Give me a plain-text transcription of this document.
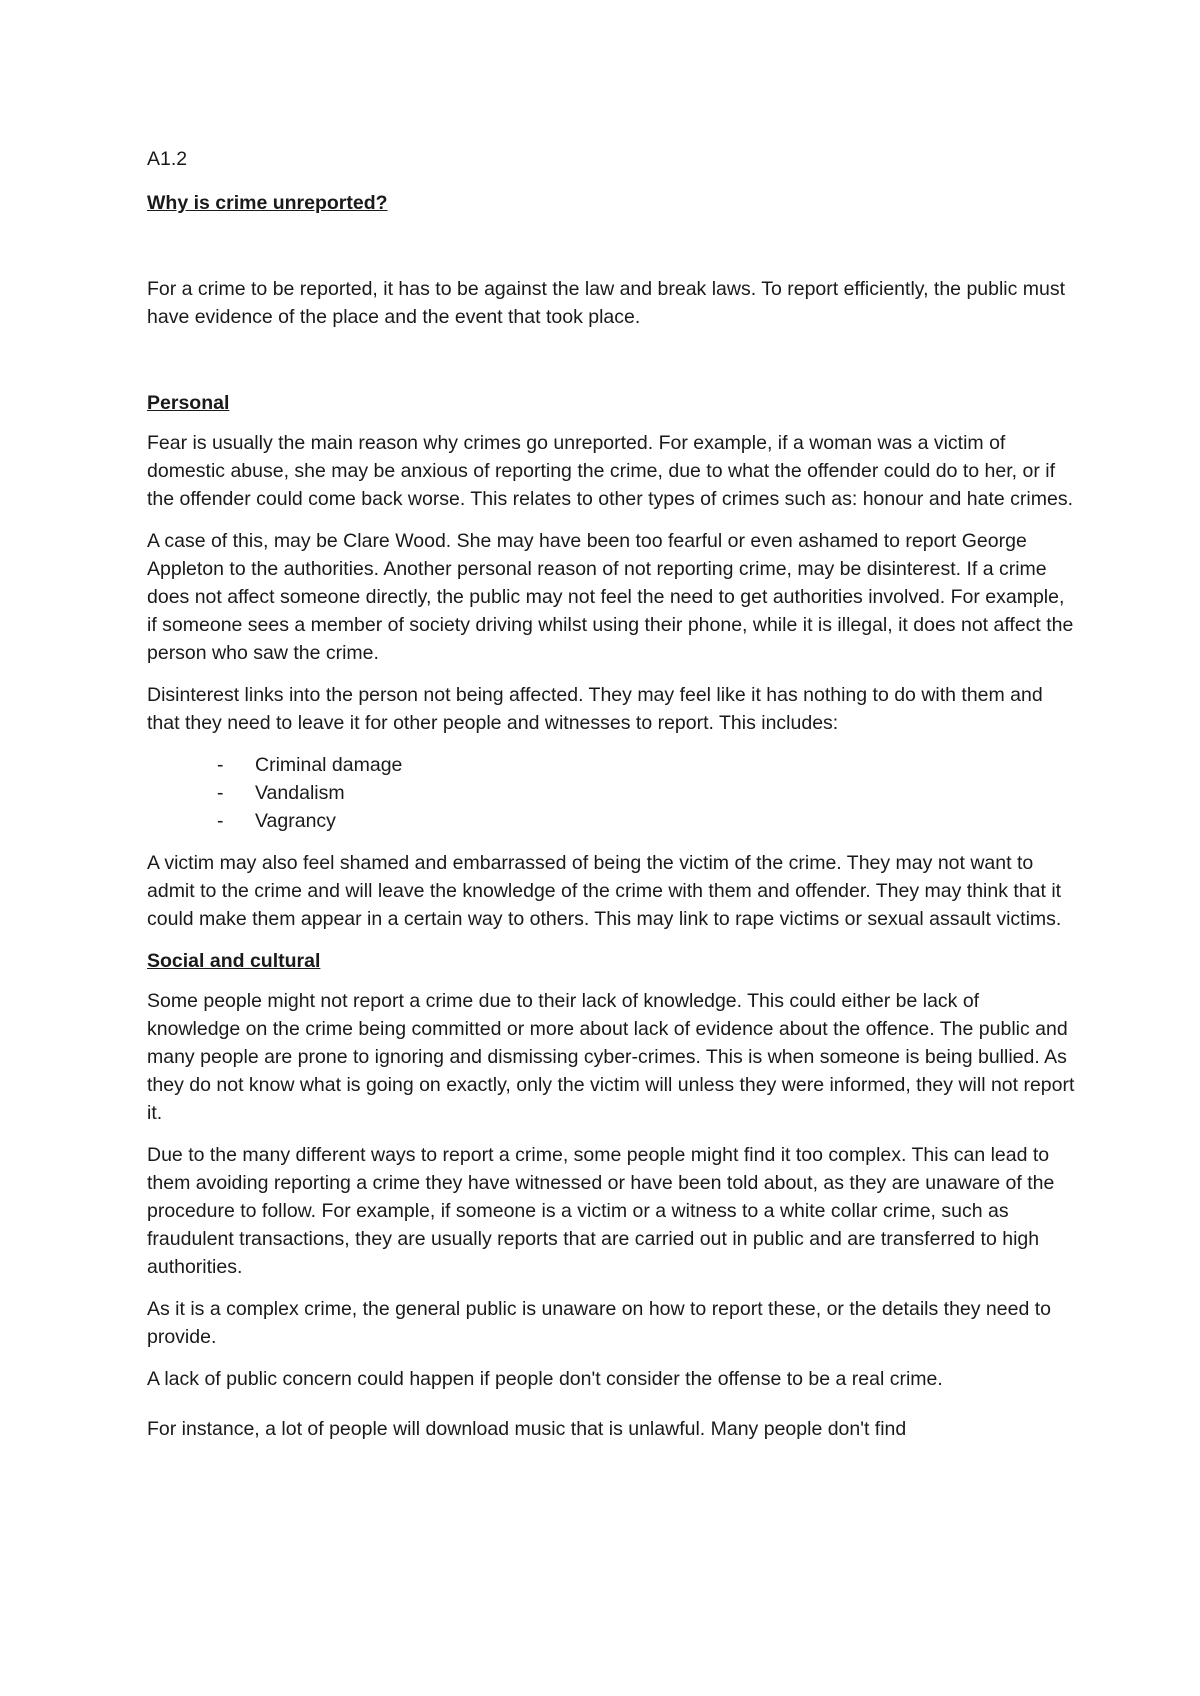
A1.2
Why is crime unreported?

For a crime to be reported, it has to be against the law and break laws. To report efficiently, the public must have evidence of the place and the event that took place.

Personal

Fear is usually the main reason why crimes go unreported. For example, if a woman was a victim of domestic abuse, she may be anxious of reporting the crime, due to what the offender could do to her, or if the offender could come back worse. This relates to other types of crimes such as: honour and hate crimes.

A case of this, may be Clare Wood. She may have been too fearful or even ashamed to report George Appleton to the authorities. Another personal reason of not reporting crime, may be disinterest. If a crime does not affect someone directly, the public may not feel the need to get authorities involved. For example, if someone sees a member of society driving whilst using their phone, while it is illegal, it does not affect the person who saw the crime.

Disinterest links into the person not being affected. They may feel like it has nothing to do with them and that they need to leave it for other people and witnesses to report. This includes:

- Criminal damage
- Vandalism
- Vagrancy

A victim may also feel shamed and embarrassed of being the victim of the crime. They may not want to admit to the crime and will leave the knowledge of the crime with them and offender. They may think that it could make them appear in a certain way to others. This may link to rape victims or sexual assault victims.

Social and cultural

Some people might not report a crime due to their lack of knowledge. This could either be lack of knowledge on the crime being committed or more about lack of evidence about the offence. The public and many people are prone to ignoring and dismissing cyber-crimes. This is when someone is being bullied. As they do not know what is going on exactly, only the victim will unless they were informed, they will not report it.

Due to the many different ways to report a crime, some people might find it too complex. This can lead to them avoiding reporting a crime they have witnessed or have been told about, as they are unaware of the procedure to follow. For example, if someone is a victim or a witness to a white collar crime, such as fraudulent transactions, they are usually reports that are carried out in public and are transferred to high authorities.

As it is a complex crime, the general public is unaware on how to report these, or the details they need to provide.

A lack of public concern could happen if people don't consider the offense to be a real crime.

For instance, a lot of people will download music that is unlawful. Many people don't find
